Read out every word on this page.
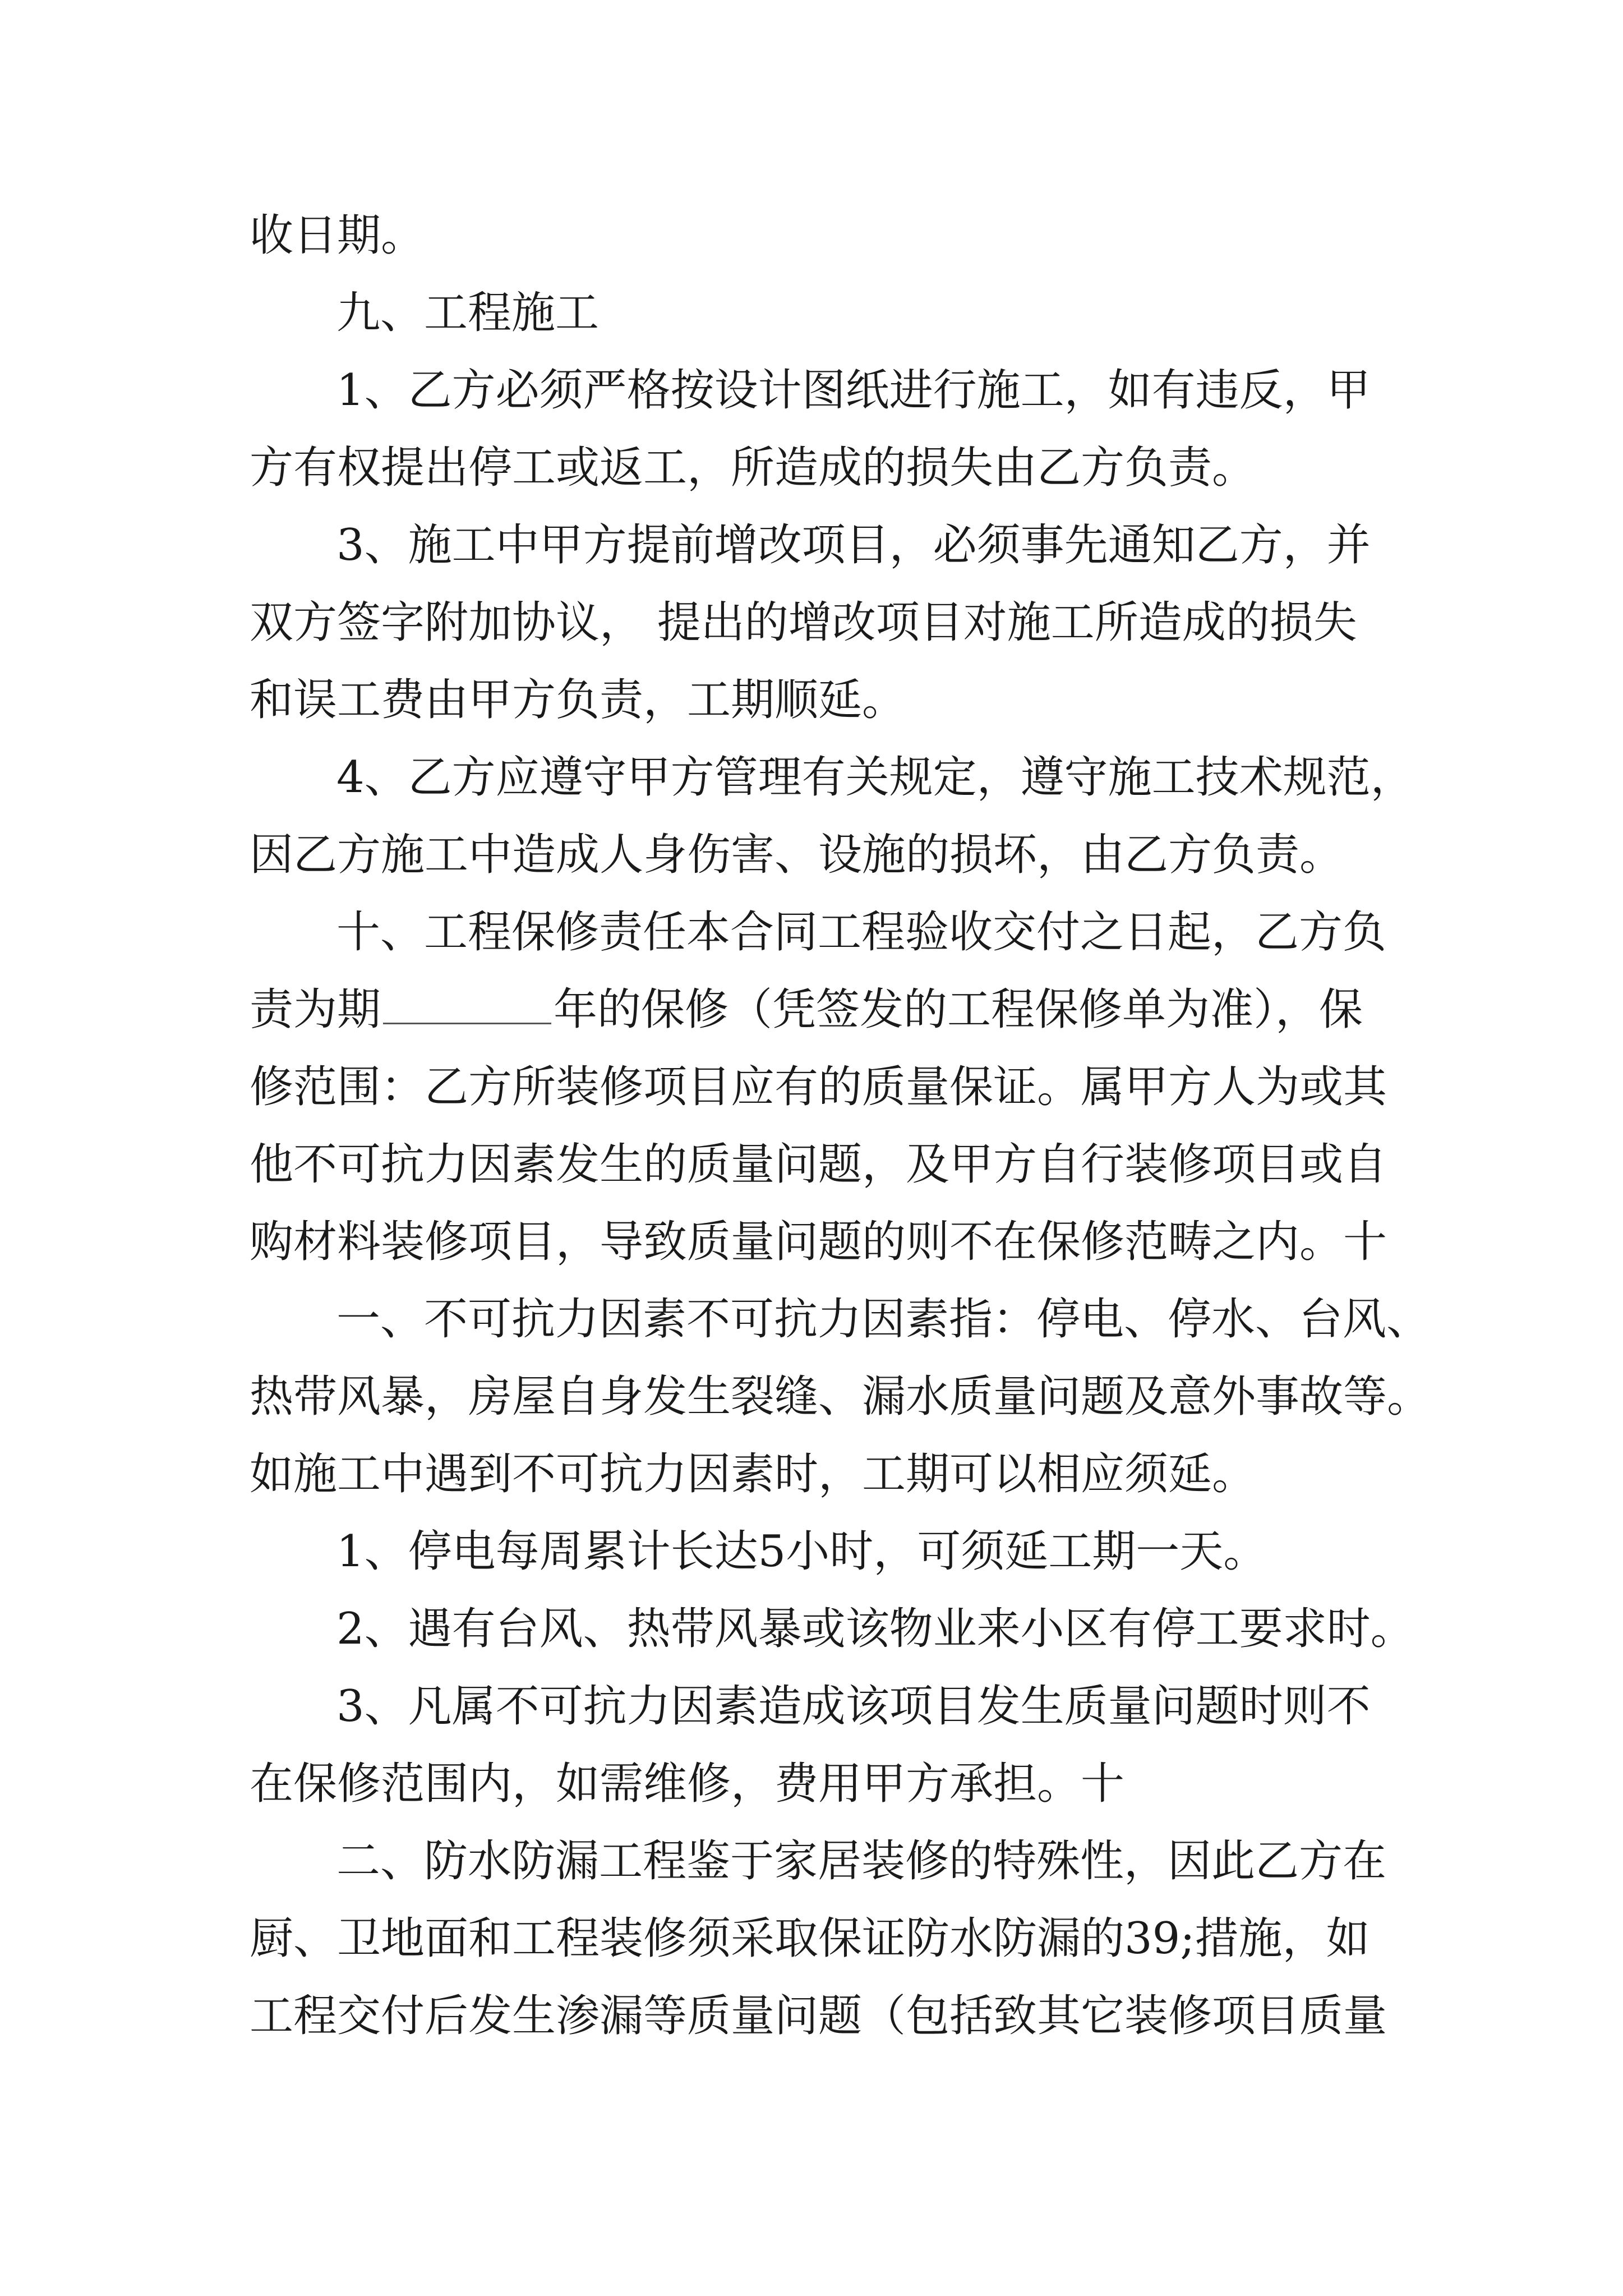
收日期。
九、工程施工
1、乙方必须严格按设计图纸进行施工，如有违反，甲
方有权提出停工或返工，所造成的损失由乙方负责。
3、施工中甲方提前增改项目，必须事先通知乙方，并
双方签字附加协议， 提出的增改项目对施工所造成的损失
和误工费由甲方负责，工期顺延。
4、乙方应遵守甲方管理有关规定，遵守施工技术规范，
因乙方施工中造成人身伤害、设施的损坏，由乙方负责。
十、工程保修责任本合同工程验收交付之日起，乙方负
责为期	年的保修（凭签发的工程保修单为准），保
修范围：乙方所装修项目应有的质量保证。属甲方人为或其
他不可抗力因素发生的质量问题，及甲方自行装修项目或自
购材料装修项目，导致质量问题的则不在保修范畴之内。十
一、不可抗力因素不可抗力因素指：停电、停水、台风、
热带风暴，房屋自身发生裂缝、漏水质量问题及意外事故等。
如施工中遇到不可抗力因素时，工期可以相应须延。
1、停电每周累计长达5小时，可须延工期一天。
2、遇有台风、热带风暴或该物业来小区有停工要求时。
3、凡属不可抗力因素造成该项目发生质量问题时则不
在保修范围内，如需维修，费用甲方承担。十
二、防水防漏工程鉴于家居装修的特殊性，因此乙方在
厨、卫地面和工程装修须采取保证防水防漏的39;措施，如
工程交付后发生渗漏等质量问题（包括致其它装修项目质量
